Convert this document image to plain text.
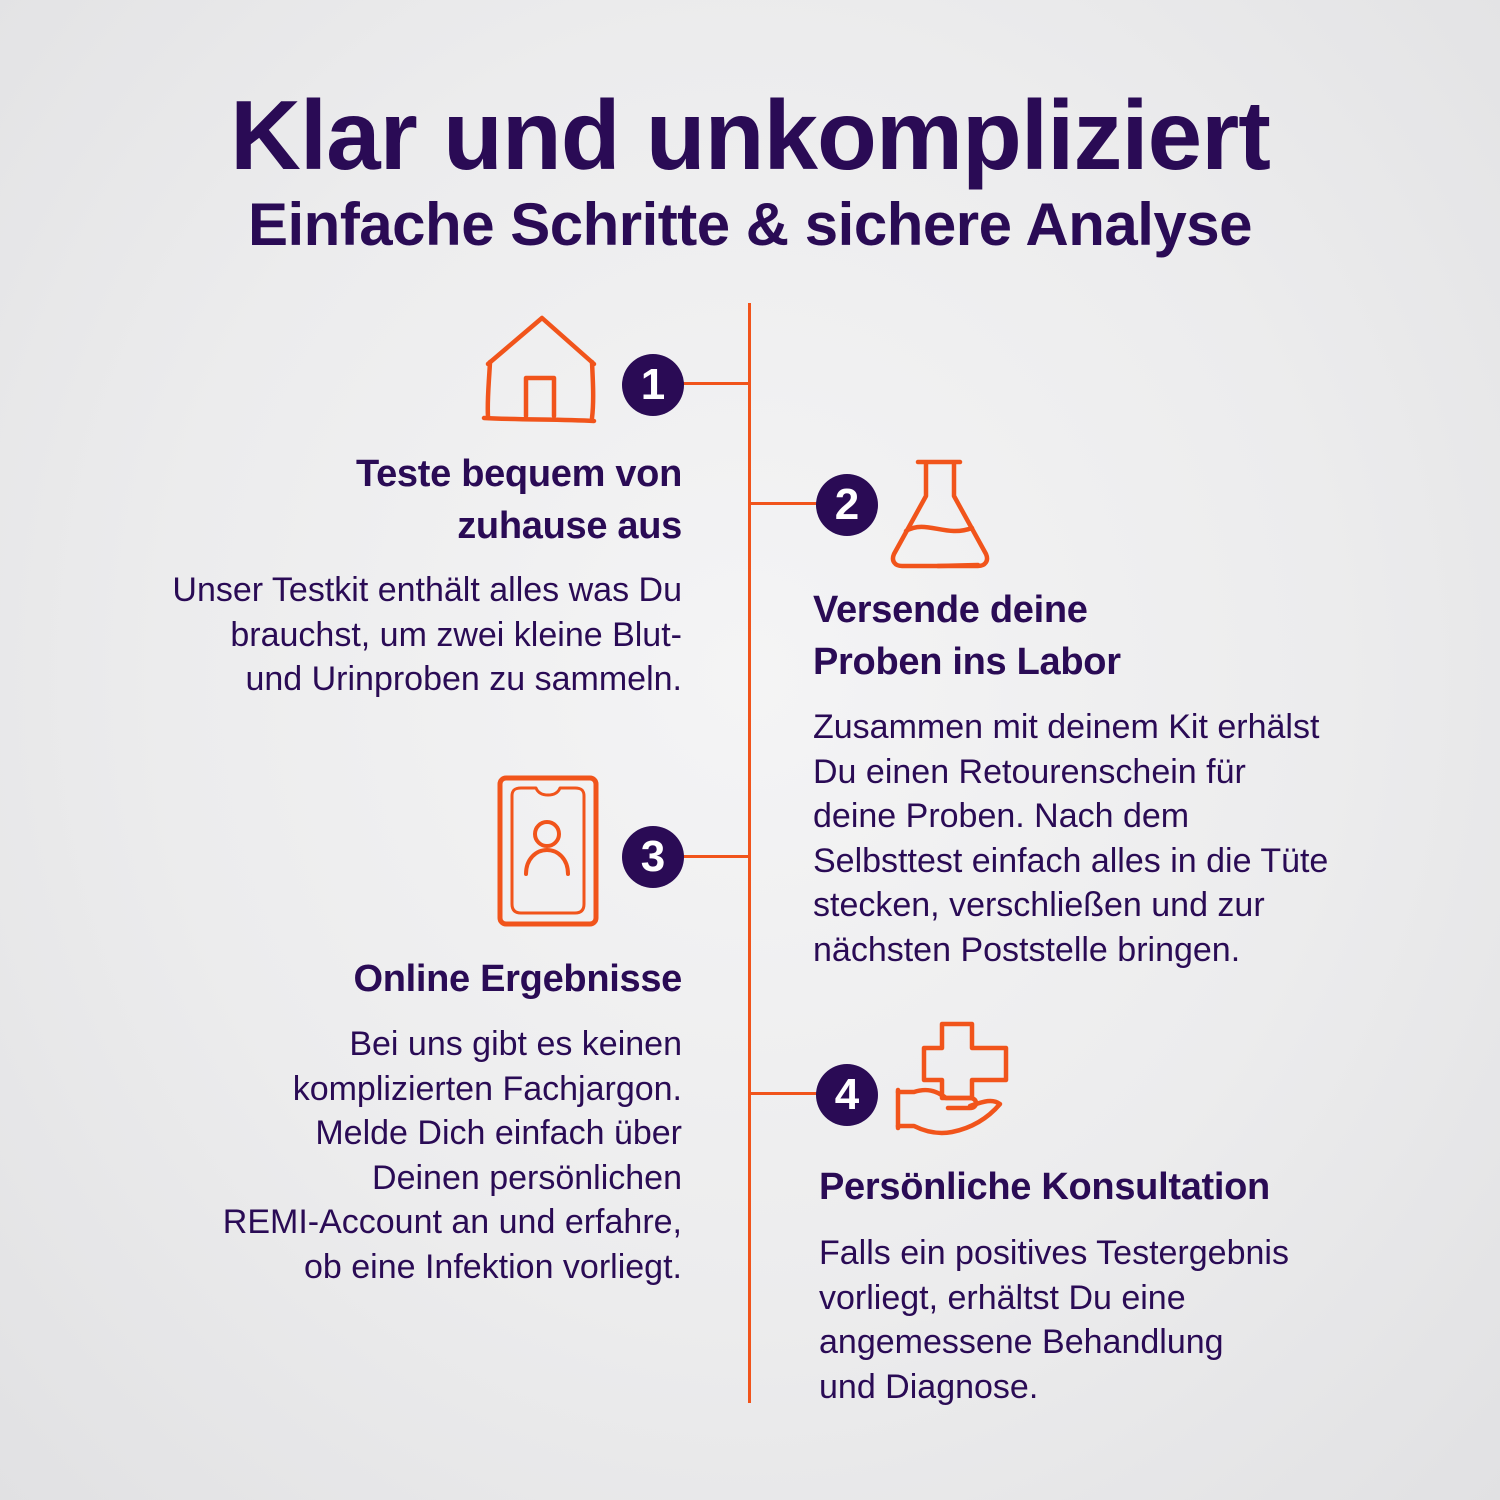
Klar und unkompliziert
Einfache Schritte & sichere Analyse
1
Teste bequem von
zuhause aus

Unser Testkit enthält alles was Du
brauchst, um zwei kleine Blut-
und Urinproben zu sammeln.

2
Versende deine
Proben ins Labor

Zusammen mit deinem Kit erhälst
Du einen Retourenschein für
deine Proben. Nach dem
Selbsttest einfach alles in die Tüte
stecken, verschließen und zur
nächsten Poststelle bringen.

3
Online Ergebnisse

Bei uns gibt es keinen
komplizierten Fachjargon.
Melde Dich einfach über
Deinen persönlichen
REMI-Account an und erfahre,
ob eine Infektion vorliegt.

4
Persönliche Konsultation

Falls ein positives Testergebnis
vorliegt, erhältst Du eine
angemessene Behandlung
und Diagnose.
